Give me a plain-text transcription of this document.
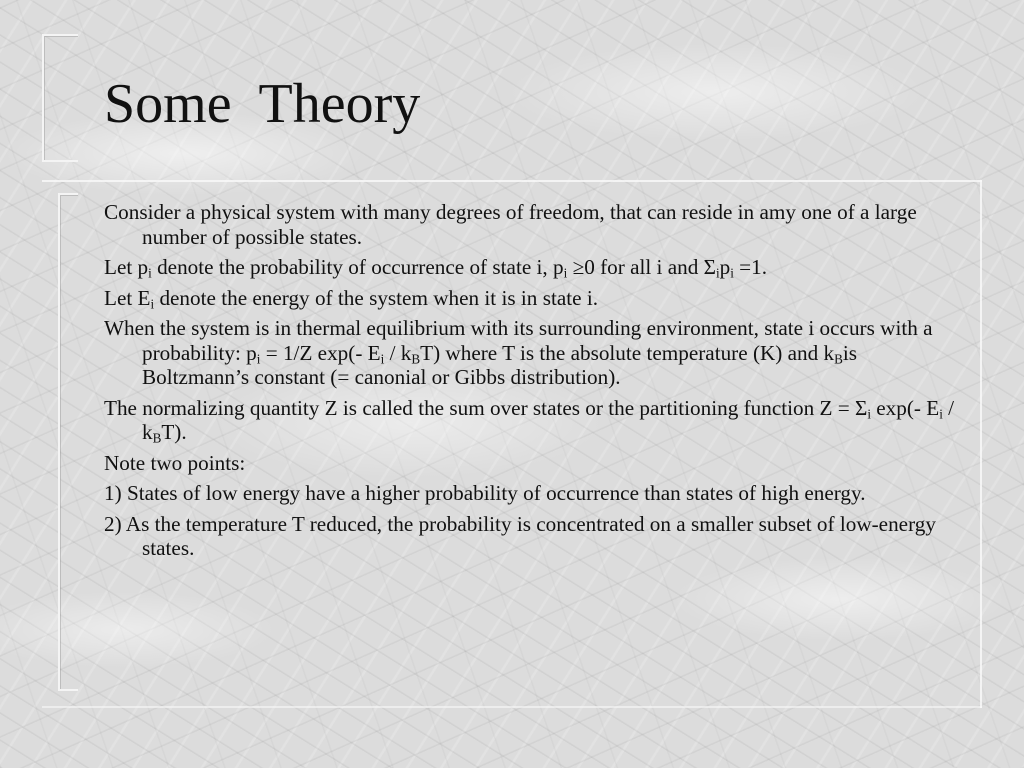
Some  Theory
Consider a physical system with many degrees of freedom, that can reside in amy one of a large number of possible states.
Let $p_i$ denote the probability of occurrence of state i, $p_i \ge 0$ for all i and $\Sigma_ip_i =1$.
Let $E_i$ denote the energy of the system when it is in state i.
When the system is in thermal equilibrium with its surrounding environment, state i occurs with a probability: $p_i = 1/Z$ exp(- $E_i / k_BT$) where T is the absolute temperature (K) and $k_Bis$ Boltzmann’s constant (= canonial or Gibbs distribution).
The normalizing quantity Z is called the sum over states or the partitioning function $Z = \Sigma_i$ exp(- $E_i / k_BT$).
Note two points:
1) States of low energy have a higher probability of occurrence than states of high energy.
2) As the temperature T reduced, the probability is concentrated on a smaller subset of low-energy states.
